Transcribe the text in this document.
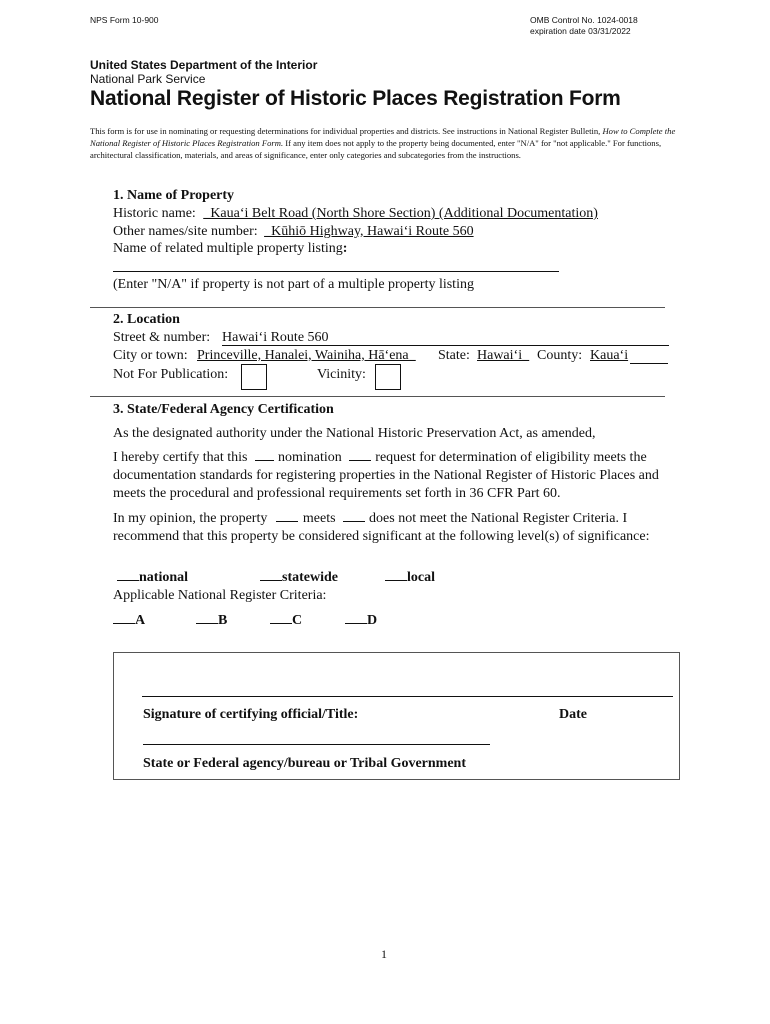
NPS Form 10-900	OMB Control No. 1024-0018
expiration date 03/31/2022
United States Department of the Interior
National Park Service
National Register of Historic Places Registration Form
This form is for use in nominating or requesting determinations for individual properties and districts. See instructions in National Register Bulletin, How to Complete the National Register of Historic Places Registration Form. If any item does not apply to the property being documented, enter "N/A" for "not applicable." For functions, architectural classification, materials, and areas of significance, enter only categories and subcategories from the instructions.
1. Name of Property
Historic name: _Kaua‘i Belt Road (North Shore Section) (Additional Documentation)
Other names/site number: _Kūhiō Highway, Hawai‘i Route 560
Name of related multiple property listing:
(Enter "N/A" if property is not part of a multiple property listing
2. Location
Street & number: Hawai‘i Route 560
City or town: Princeville, Hanalei, Wainiha, Hā‘ena_ State: Hawai‘i_ County: Kaua‘i
Not For Publication:	Vicinity:
3. State/Federal Agency Certification
As the designated authority under the National Historic Preservation Act, as amended,
I hereby certify that this nomination request for determination of eligibility meets the documentation standards for registering properties in the National Register of Historic Places and meets the procedural and professional requirements set forth in 36 CFR Part 60.
In my opinion, the property	meets does not meet the National Register Criteria. I recommend that this property be considered significant at the following level(s) of significance:
national	statewide	local
Applicable National Register Criteria:
A	B	C	D
Signature of certifying official/Title:	Date
State or Federal agency/bureau or Tribal Government
1
